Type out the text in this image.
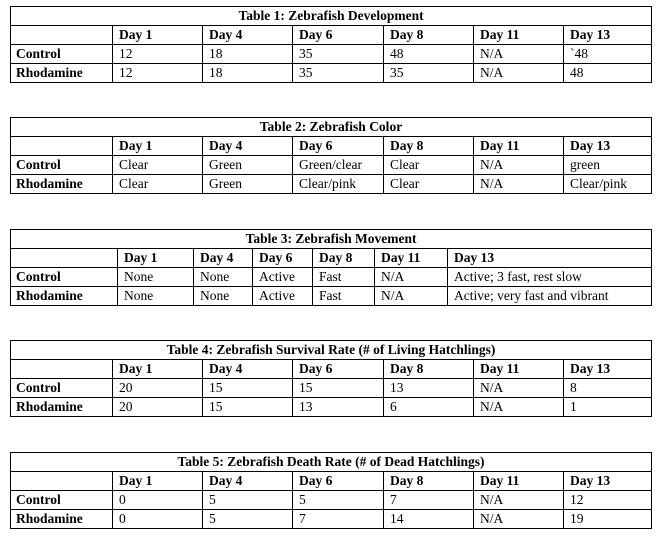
Table 1: Zebrafish Development						
	Day 1	Day 4	Day 6	Day 8	Day 11	Day 13
Control	12	18	35	48	N/A	`48
Rhodamine	12	18	35	35	N/A	48
Table 2: Zebrafish Color						
	Day 1	Day 4	Day 6	Day 8	Day 11	Day 13
Control	Clear	Green	Green/clear	Clear	N/A	green
Rhodamine	Clear	Green	Clear/pink	Clear	N/A	Clear/pink
Table 3: Zebrafish Movement						
	Day 1	Day 4	Day 6	Day 8	Day 11	Day 13
Control	None	None	Active	Fast	N/A	Active; 3 fast, rest slow
Rhodamine	None	None	Active	Fast	N/A	Active; very fast and vibrant
Table 4: Zebrafish Survival Rate (# of Living Hatchlings)						
	Day 1	Day 4	Day 6	Day 8	Day 11	Day 13
Control	20	15	15	13	N/A	8
Rhodamine	20	15	13	6	N/A	1
Table 5: Zebrafish Death Rate (# of Dead Hatchlings)						
	Day 1	Day 4	Day 6	Day 8	Day 11	Day 13
Control	0	5	5	7	N/A	12
Rhodamine	0	5	7	14	N/A	19
